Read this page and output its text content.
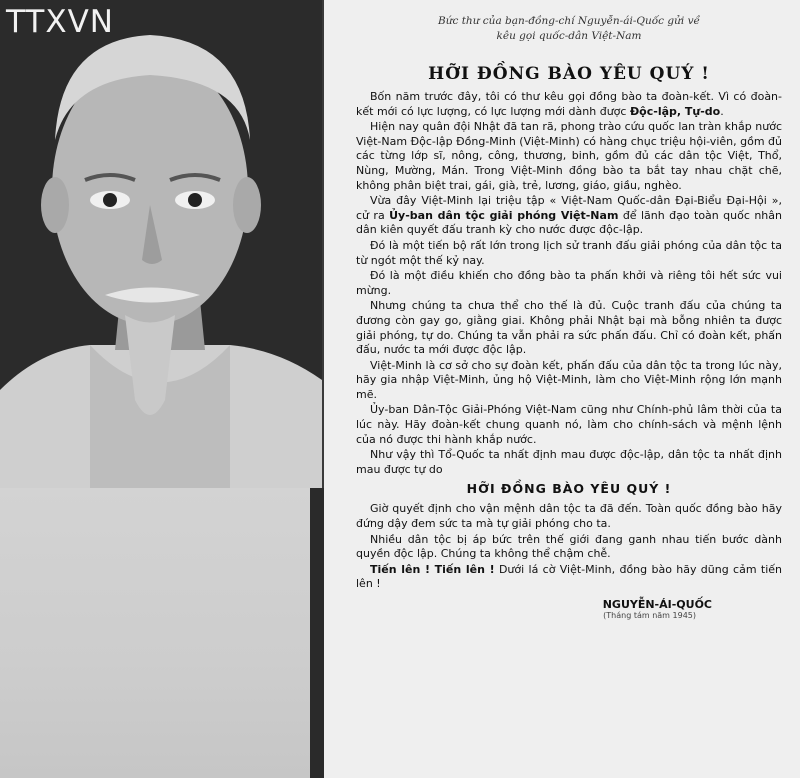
TTXVN	Bức thư của bạn-đồng-chí Nguyễn-ái-Quốc gửi về
kêu gọi quốc-dân Việt-Nam
HỠI ĐỒNG BÀO YÊU QUÝ !

Bốn năm trước đây, tôi có thư kêu gọi đồng bào ta đoàn-kết. Vì có đoàn-kết mới có lực lượng, có lực lượng mới dành được Độc-lập, Tự-do.

Hiện nay quân đội Nhật đã tan rã, phong trào cứu quốc lan tràn khắp nước Việt-Nam Độc-lập Đồng-Minh (Việt-Minh) có hàng chục triệu hội-viên, gồm đủ các từng lớp sĩ, nông, công, thương, binh, gồm đủ các dân tộc Việt, Thổ, Nùng, Mường, Mán. Trong Việt-Minh đồng bào ta bắt tay nhau chặt chẽ, không phân biệt trai, gái, già, trẻ, lương, giáo, giầu, nghèo.

Vừa đây Việt-Minh lại triệu tập « Việt-Nam Quốc-dân Đại-Biểu Đại-Hội », cử ra Ủy-ban dân tộc giải phóng Việt-Nam để lãnh đạo toàn quốc nhân dân kiên quyết đấu tranh kỳ cho nước được độc-lập.

Đó là một tiến bộ rất lớn trong lịch sử tranh đấu giải phóng của dân tộc ta từ ngót một thế kỷ nay.

Đó là một điều khiến cho đồng bào ta phấn khởi và riêng tôi hết sức vui mừng.

Nhưng chúng ta chưa thể cho thế là đủ. Cuộc tranh đấu của chúng ta đương còn gay go, giằng giai. Không phải Nhật bại mà bỗng nhiên ta được giải phóng, tự do. Chúng ta vẫn phải ra sức phấn đấu. Chỉ có đoàn kết, phấn đấu, nước ta mới được độc lập.

Việt-Minh là cơ sở cho sự đoàn kết, phấn đấu của dân tộc ta trong lúc này, hãy gia nhập Việt-Minh, ủng hộ Việt-Minh, làm cho Việt-Minh rộng lớn mạnh mẽ.

Ủy-ban Dân-Tộc Giải-Phóng Việt-Nam cũng như Chính-phủ lâm thời của ta lúc này. Hãy đoàn-kết chung quanh nó, làm cho chính-sách và mệnh lệnh của nó được thi hành khắp nước.

Như vậy thì Tổ-Quốc ta nhất định mau được độc-lập, dân tộc ta nhất định mau được tự do

HỠI ĐỒNG BÀO YÊU QUÝ !

Giờ quyết định cho vận mệnh dân tộc ta đã đến. Toàn quốc đồng bào hãy đứng dậy đem sức ta mà tự giải phóng cho ta.

Nhiều dân tộc bị áp bức trên thế giới đang ganh nhau tiến bước dành quyền độc lập. Chúng ta không thể chậm chễ.

Tiến lên ! Tiến lên ! Dưới lá cờ Việt-Minh, đồng bào hãy dũng cảm tiến lên !

NGUYỄN-ÁI-QUỐC
(Tháng tám năm 1945)
